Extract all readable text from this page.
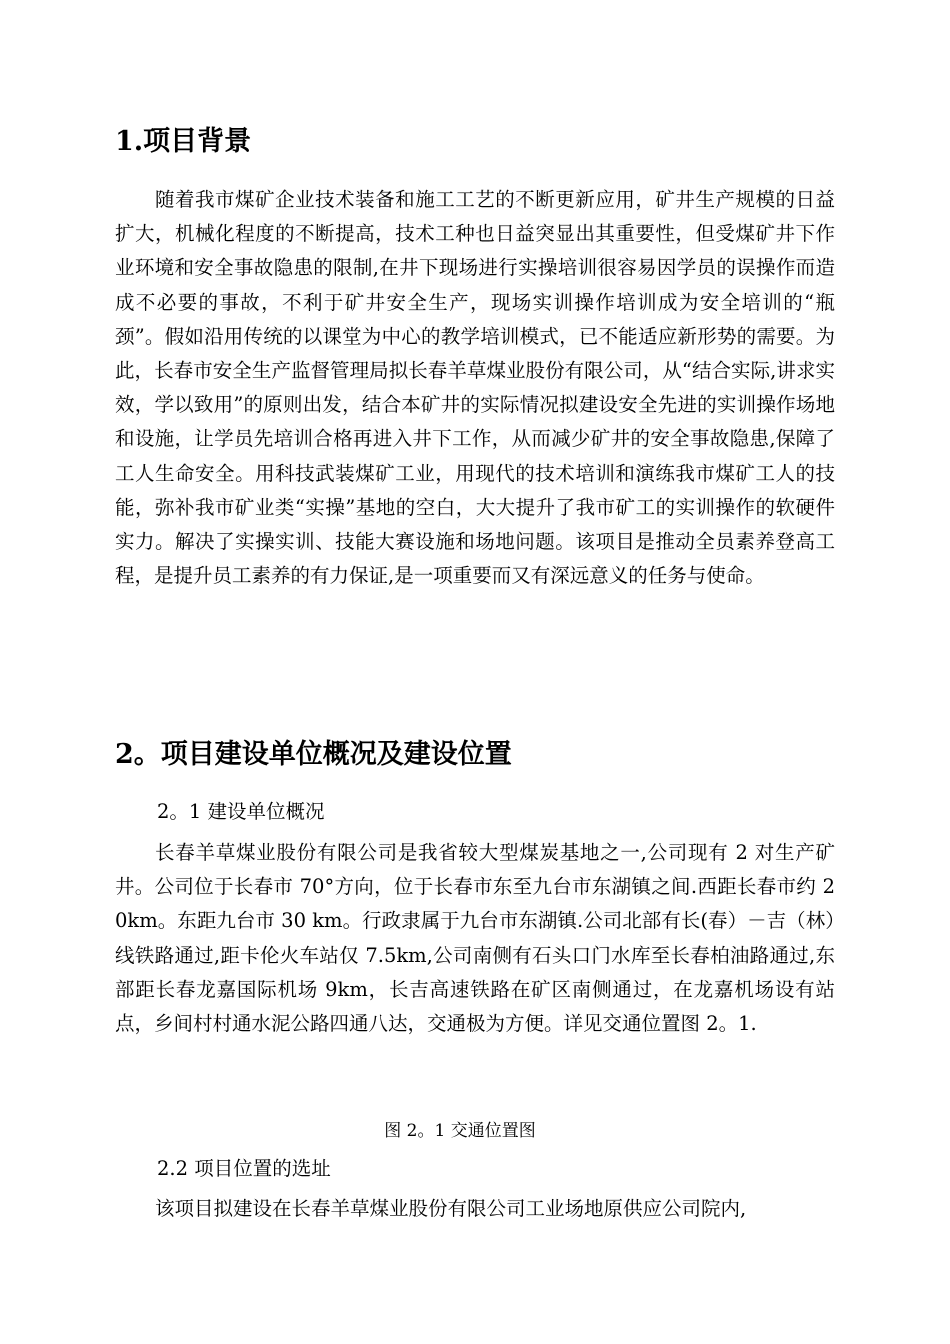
1.项目背景
随着我市煤矿企业技术装备和施工工艺的不断更新应用，矿井生产规模的日益扩大，机械化程度的不断提高，技术工种也日益突显出其重要性，但受煤矿井下作业环境和安全事故隐患的限制,在井下现场进行实操培训很容易因学员的误操作而造成不必要的事故，不利于矿井安全生产，现场实训操作培训成为安全培训的“瓶颈”。假如沿用传统的以课堂为中心的教学培训模式，已不能适应新形势的需要。为此，长春市安全生产监督管理局拟长春羊草煤业股份有限公司，从“结合实际,讲求实效，学以致用”的原则出发，结合本矿井的实际情况拟建设安全先进的实训操作场地和设施，让学员先培训合格再进入井下工作，从而减少矿井的安全事故隐患,保障了工人生命安全。用科技武装煤矿工业，用现代的技术培训和演练我市煤矿工人的技能，弥补我市矿业类“实操”基地的空白，大大提升了我市矿工的实训操作的软硬件实力。解决了实操实训、技能大赛设施和场地问题。该项目是推动全员素养登高工程，是提升员工素养的有力保证,是一项重要而又有深远意义的任务与使命。
2。项目建设单位概况及建设位置
2。1 建设单位概况
长春羊草煤业股份有限公司是我省较大型煤炭基地之一,公司现有 2 对生产矿井。公司位于长春市 70°方向，位于长春市东至九台市东湖镇之间.西距长春市约 20km。东距九台市 30 km。行政隶属于九台市东湖镇.公司北部有长(春）－吉（林）线铁路通过,距卡伦火车站仅 7.5km,公司南侧有石头口门水库至长春柏油路通过,东部距长春龙嘉国际机场 9km，长吉高速铁路在矿区南侧通过，在龙嘉机场设有站点，乡间村村通水泥公路四通八达，交通极为方便。详见交通位置图 2。1.
图 2。1 交通位置图
2.2 项目位置的选址
该项目拟建设在长春羊草煤业股份有限公司工业场地原供应公司院内,
